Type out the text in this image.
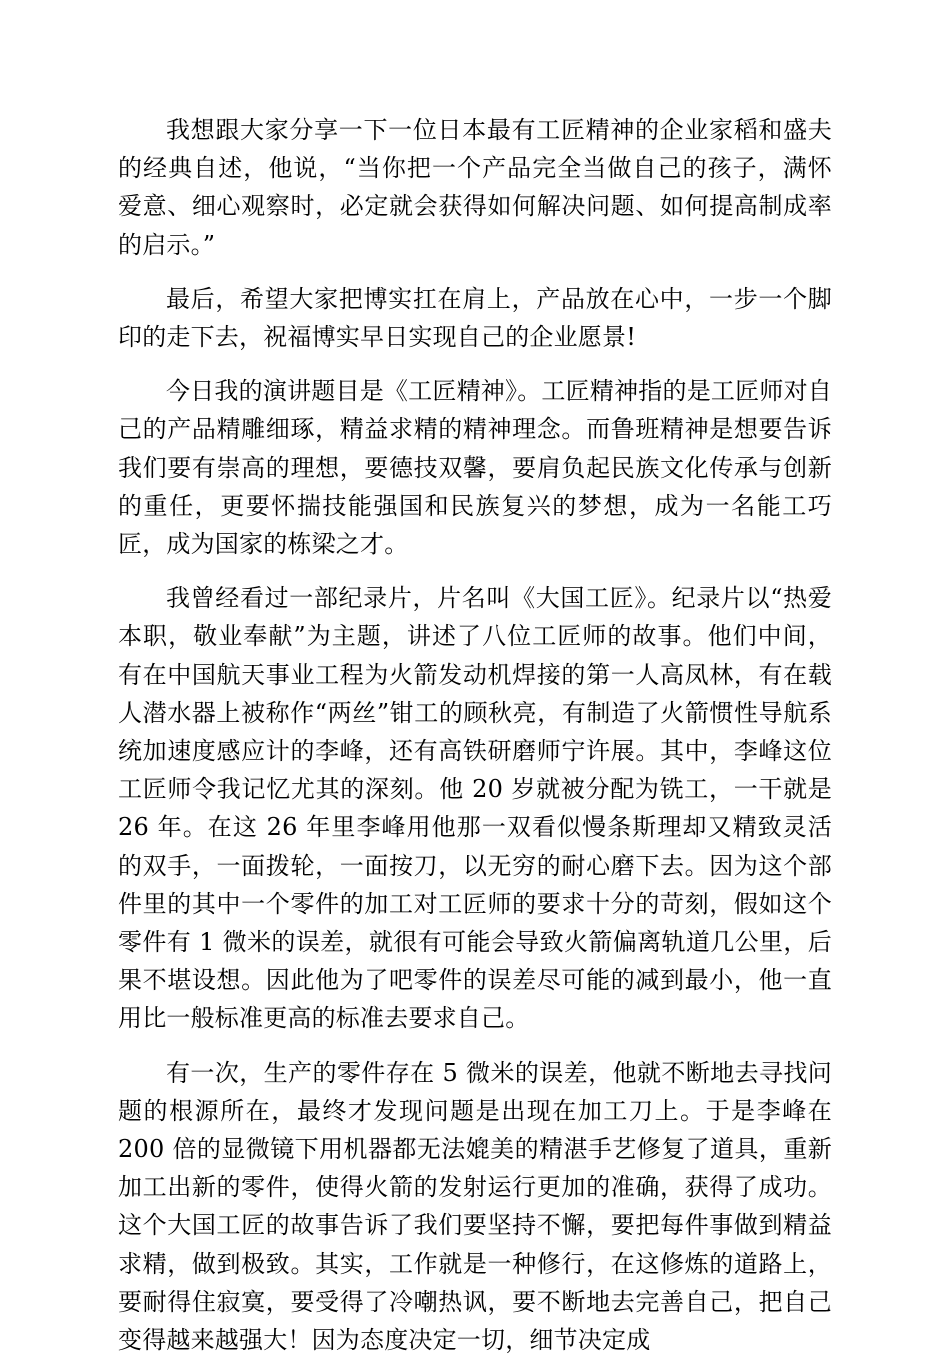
我想跟大家分享一下一位日本最有工匠精神的企业家稻和盛夫的经典自述，他说，“当你把一个产品完全当做自己的孩子，满怀爱意、细心观察时，必定就会获得如何解决问题、如何提高制成率的启示。”

最后，希望大家把博实扛在肩上，产品放在心中，一步一个脚印的走下去，祝福博实早日实现自己的企业愿景!

今日我的演讲题目是《工匠精神》。工匠精神指的是工匠师对自己的产品精雕细琢，精益求精的精神理念。而鲁班精神是想要告诉我们要有崇高的理想，要德技双馨，要肩负起民族文化传承与创新的重任，更要怀揣技能强国和民族复兴的梦想，成为一名能工巧匠，成为国家的栋梁之才。

我曾经看过一部纪录片，片名叫《大国工匠》。纪录片以“热爱本职，敬业奉献”为主题，讲述了八位工匠师的故事。他们中间，有在中国航天事业工程为火箭发动机焊接的第一人高凤林，有在载人潜水器上被称作“两丝”钳工的顾秋亮，有制造了火箭惯性导航系统加速度感应计的李峰，还有高铁研磨师宁许展。其中，李峰这位工匠师令我记忆尤其的深刻。他 20 岁就被分配为铣工，一干就是 26 年。在这 26 年里李峰用他那一双看似慢条斯理却又精致灵活的双手，一面拨轮，一面按刀，以无穷的耐心磨下去。因为这个部件里的其中一个零件的加工对工匠师的要求十分的苛刻，假如这个零件有 1 微米的误差，就很有可能会导致火箭偏离轨道几公里，后果不堪设想。因此他为了吧零件的误差尽可能的减到最小，他一直用比一般标准更高的标准去要求自己。

有一次，生产的零件存在 5 微米的误差，他就不断地去寻找问题的根源所在，最终才发现问题是出现在加工刀上。于是李峰在 200 倍的显微镜下用机器都无法媲美的精湛手艺修复了道具，重新加工出新的零件，使得火箭的发射运行更加的准确，获得了成功。这个大国工匠的故事告诉了我们要坚持不懈，要把每件事做到精益求精，做到极致。其实，工作就是一种修行，在这修炼的道路上，要耐得住寂寞，要受得了冷嘲热讽，要不断地去完善自己，把自己变得越来越强大！因为态度决定一切，细节决定成
